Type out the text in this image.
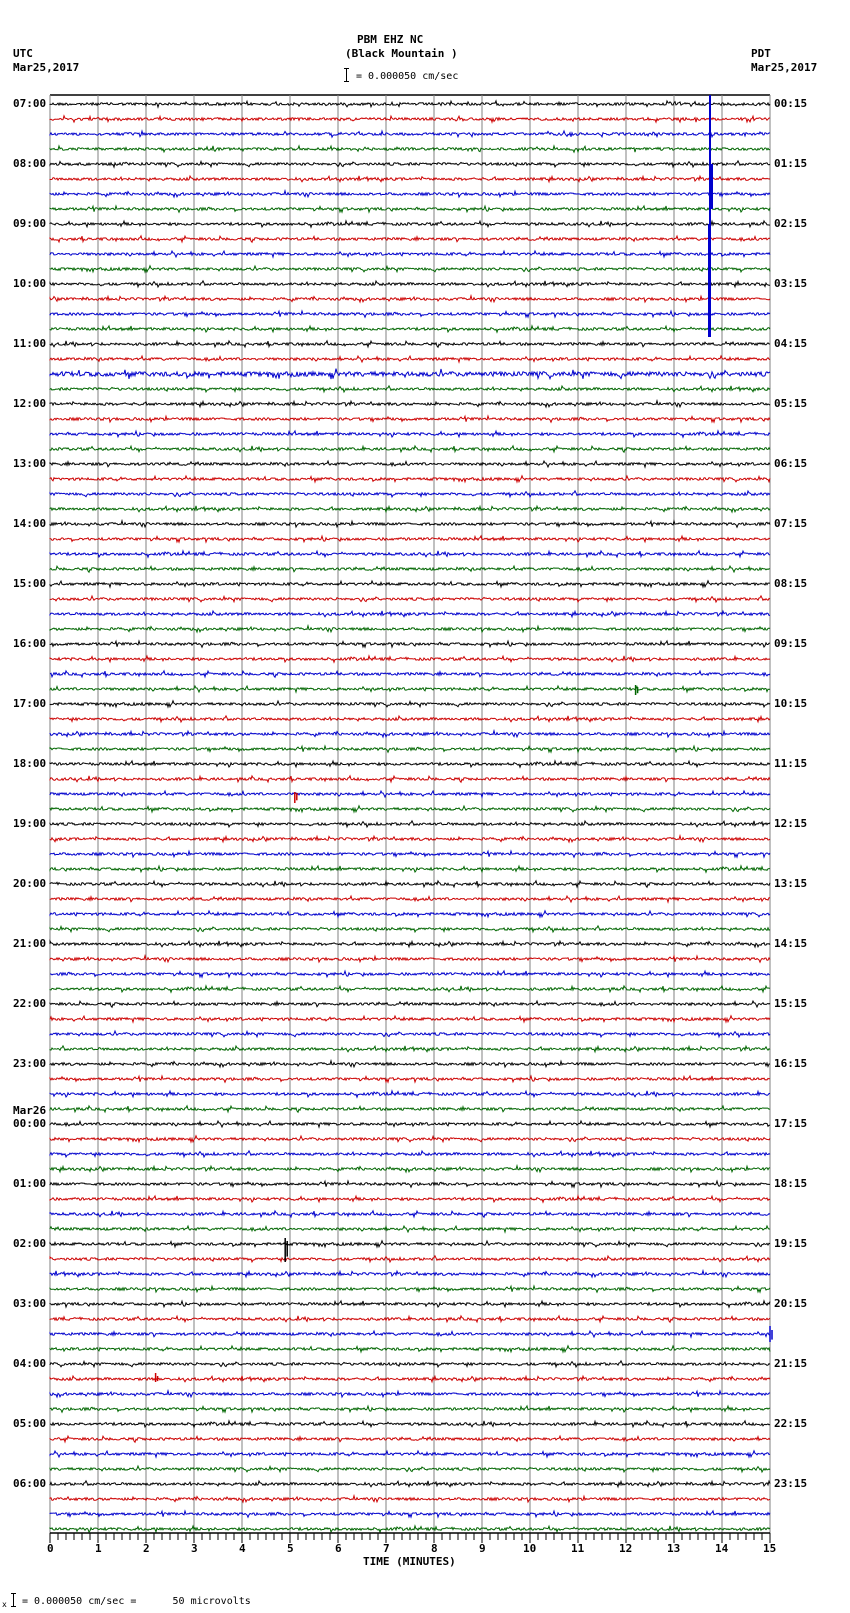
PBM EHZ NC
(Black Mountain )
= 0.000050 cm/sec
UTC
Mar25,2017
PDT
Mar25,2017
07:00
08:00
09:00
10:00
11:00
12:00
13:00
14:00
15:00
16:00
17:00
18:00
19:00
20:00
21:00
22:00
23:00
00:00
Mar26
01:00
02:00
03:00
04:00
05:00
06:00
00:15
01:15
02:15
03:15
04:15
05:15
06:15
07:15
08:15
09:15
10:15
11:15
12:15
13:15
14:15
15:15
16:15
17:15
18:15
19:15
20:15
21:15
22:15
23:15
0	1	2	3	4	5	6	7	8	9	10	11	12	13	14	15
TIME (MINUTES)
x = 0.000050 cm/sec =      50 microvolts
